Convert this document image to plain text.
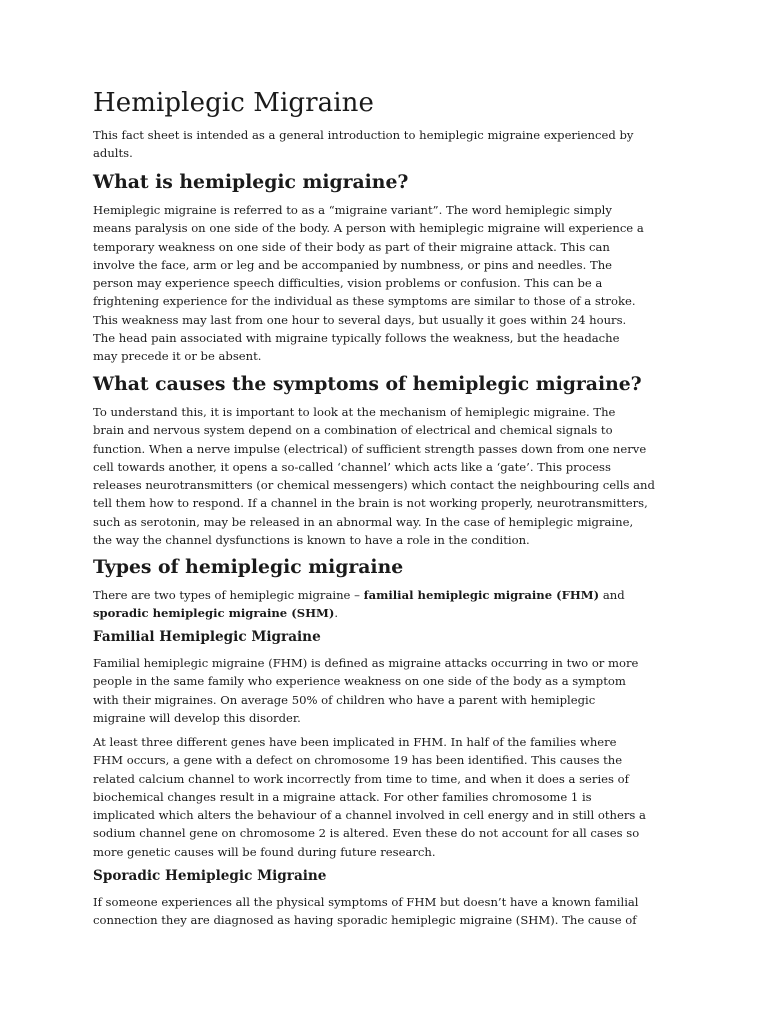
Hemiplegic Migraine

This fact sheet is intended as a general introduction to hemiplegic migraine experienced by
adults.

What is hemiplegic migraine?

Hemiplegic migraine is referred to as a “migraine variant”. The word hemiplegic simply
means paralysis on one side of the body. A person with hemiplegic migraine will experience a
temporary weakness on one side of their body as part of their migraine attack. This can
involve the face, arm or leg and be accompanied by numbness, or pins and needles. The
person may experience speech difficulties, vision problems or confusion. This can be a
frightening experience for the individual as these symptoms are similar to those of a stroke.
This weakness may last from one hour to several days, but usually it goes within 24 hours.
The head pain associated with migraine typically follows the weakness, but the headache
may precede it or be absent.

What causes the symptoms of hemiplegic migraine?

To understand this, it is important to look at the mechanism of hemiplegic migraine. The
brain and nervous system depend on a combination of electrical and chemical signals to
function. When a nerve impulse (electrical) of sufficient strength passes down from one nerve
cell towards another, it opens a so-called ‘channel’ which acts like a ‘gate’. This process
releases neurotransmitters (or chemical messengers) which contact the neighbouring cells and
tell them how to respond. If a channel in the brain is not working properly, neurotransmitters,
such as serotonin, may be released in an abnormal way. In the case of hemiplegic migraine,
the way the channel dysfunctions is known to have a role in the condition.

Types of hemiplegic migraine

There are two types of hemiplegic migraine – familial hemiplegic migraine (FHM) and
sporadic hemiplegic migraine (SHM).

Familial Hemiplegic Migraine

Familial hemiplegic migraine (FHM) is defined as migraine attacks occurring in two or more
people in the same family who experience weakness on one side of the body as a symptom
with their migraines. On average 50% of children who have a parent with hemiplegic
migraine will develop this disorder.

At least three different genes have been implicated in FHM. In half of the families where
FHM occurs, a gene with a defect on chromosome 19 has been identified. This causes the
related calcium channel to work incorrectly from time to time, and when it does a series of
biochemical changes result in a migraine attack. For other families chromosome 1 is
implicated which alters the behaviour of a channel involved in cell energy and in still others a
sodium channel gene on chromosome 2 is altered. Even these do not account for all cases so
more genetic causes will be found during future research.

Sporadic Hemiplegic Migraine

If someone experiences all the physical symptoms of FHM but doesn’t have a known familial
connection they are diagnosed as having sporadic hemiplegic migraine (SHM). The cause of
